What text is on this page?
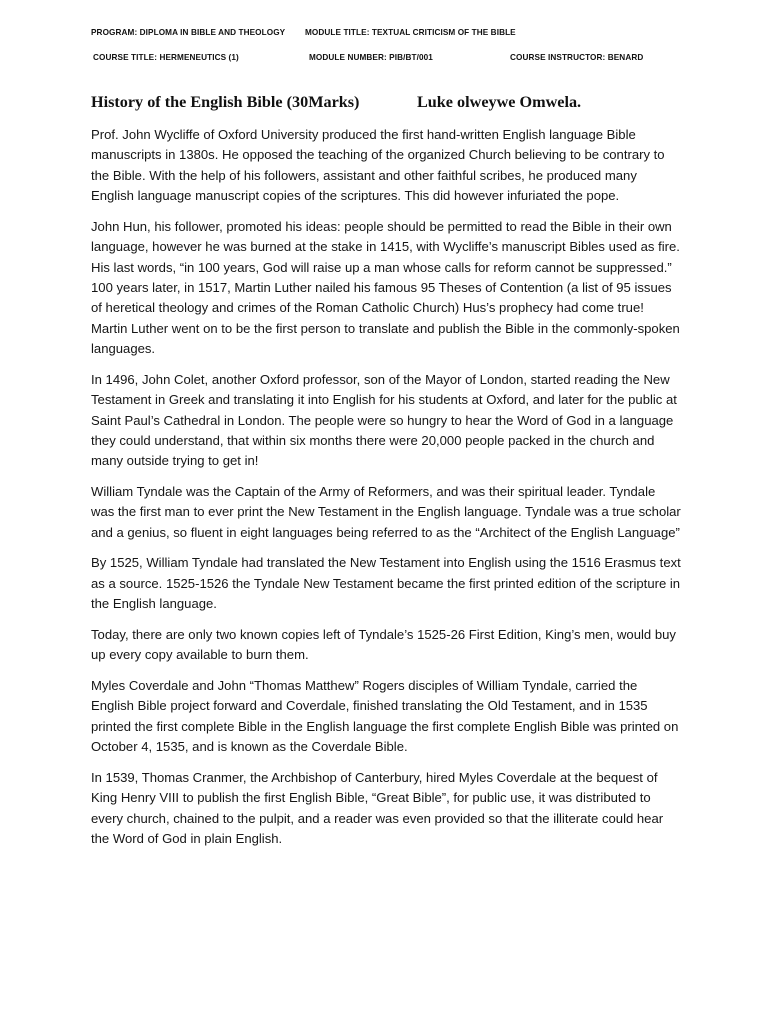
PROGRAM: DIPLOMA IN BIBLE AND THEOLOGY MODULE TITLE: TEXTUAL CRITICISM OF THE BIBLE
COURSE TITLE: HERMENEUTICS (1)	MODULE NUMBER: PIB/BT/001	COURSE INSTRUCTOR: BENARD
History of the English Bible (30Marks)	Luke olweywe Omwela.

Prof. John Wycliffe of Oxford University produced the first hand-written English language Bible manuscripts in 1380s. He opposed the teaching of the organized Church believing to be contrary to the Bible. With the help of his followers, assistant and other faithful scribes, he produced many English language manuscript copies of the scriptures. This did however infuriated the pope.

John Hun, his follower, promoted his ideas: people should be permitted to read the Bible in their own language, however he was burned at the stake in 1415, with Wycliffe’s manuscript Bibles used as fire. His last words, “in 100 years, God will raise up a man whose calls for reform cannot be suppressed.” 100 years later, in 1517, Martin Luther nailed his famous 95 Theses of Contention (a list of 95 issues of heretical theology and crimes of the Roman Catholic Church) Hus’s prophecy had come true! Martin Luther went on to be the first person to translate and publish the Bible in the commonly-spoken languages.

In 1496, John Colet, another Oxford professor, son of the Mayor of London, started reading the New Testament in Greek and translating it into English for his students at Oxford, and later for the public at Saint Paul’s Cathedral in London. The people were so hungry to hear the Word of God in a language they could understand, that within six months there were 20,000 people packed in the church and many outside trying to get in!

William Tyndale was the Captain of the Army of Reformers, and was their spiritual leader. Tyndale was the first man to ever print the New Testament in the English language. Tyndale was a true scholar and a genius, so fluent in eight languages being referred to as the “Architect of the English Language”

By 1525, William Tyndale had translated the New Testament into English using the 1516 Erasmus text as a source. 1525-1526 the Tyndale New Testament became the first printed edition of the scripture in the English language.

Today, there are only two known copies left of Tyndale’s 1525-26 First Edition, King’s men, would buy up every copy available to burn them.

Myles Coverdale and John “Thomas Matthew” Rogers disciples of William Tyndale, carried the English Bible project forward and Coverdale, finished translating the Old Testament, and in 1535 printed the first complete Bible in the English language the first complete English Bible was printed on October 4, 1535, and is known as the Coverdale Bible.

In 1539, Thomas Cranmer, the Archbishop of Canterbury, hired Myles Coverdale at the bequest of King Henry VIII to publish the first English Bible, “Great Bible”, for public use, it was distributed to every church, chained to the pulpit, and a reader was even provided so that the illiterate could hear the Word of God in plain English.
